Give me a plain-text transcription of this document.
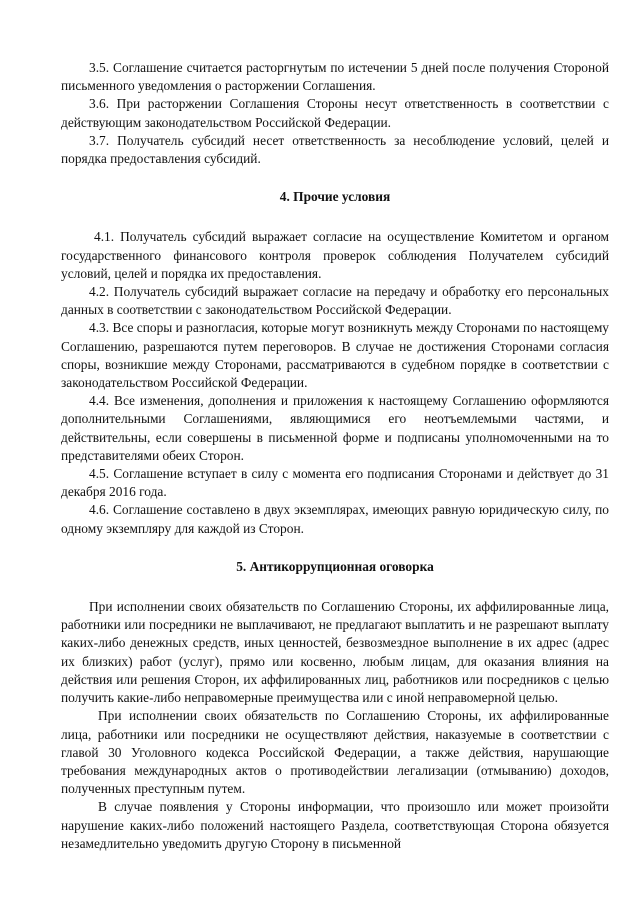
3.5. Соглашение считается расторгнутым по истечении 5 дней после получения Стороной письменного уведомления о расторжении Соглашения.

3.6. При расторжении Соглашения Стороны несут ответственность в соответствии с действующим законодательством Российской Федерации.

3.7. Получатель субсидий несет ответственность за несоблюдение условий, целей и порядка предоставления субсидий.

4. Прочие условия

4.1. Получатель субсидий выражает согласие на осуществление Комитетом и органом государственного финансового контроля проверок соблюдения Получателем субсидий условий, целей и порядка их предоставления.

4.2. Получатель субсидий выражает согласие на передачу и обработку его персональных данных в соответствии с законодательством Российской Федерации.

4.3. Все споры и разногласия, которые могут возникнуть между Сторонами по настоящему Соглашению, разрешаются путем переговоров. В случае не достижения Сторонами согласия споры, возникшие между Сторонами, рассматриваются в судебном порядке в соответствии с законодательством Российской Федерации.

4.4. Все изменения, дополнения и приложения к настоящему Соглашению оформляются дополнительными Соглашениями, являющимися его неотъемлемыми частями, и действительны, если совершены в письменной форме и подписаны уполномоченными на то представителями обеих Сторон.

4.5. Соглашение вступает в силу с момента его подписания Сторонами и действует до 31 декабря 2016 года.

4.6. Соглашение составлено в двух экземплярах, имеющих равную юридическую силу, по одному экземпляру для каждой из Сторон.

5. Антикоррупционная оговорка

При исполнении своих обязательств по Соглашению Стороны, их аффилированные лица, работники или посредники не выплачивают, не предлагают выплатить и не разрешают выплату каких-либо денежных средств, иных ценностей, безвозмездное выполнение в их адрес (адрес их близких) работ (услуг), прямо или косвенно, любым лицам, для оказания влияния на действия или решения Сторон, их аффилированных лиц, работников или посредников с целью получить какие-либо неправомерные преимущества или с иной неправомерной целью.

При исполнении своих обязательств по Соглашению Стороны, их аффилированные лица, работники или посредники не осуществляют действия, наказуемые в соответствии с главой 30 Уголовного кодекса Российской Федерации, а также действия, нарушающие требования международных актов о противодействии легализации (отмыванию) доходов, полученных преступным путем.

В случае появления у Стороны информации, что произошло или может произойти нарушение каких-либо положений настоящего Раздела, соответствующая Сторона обязуется незамедлительно уведомить другую Сторону в письменной
